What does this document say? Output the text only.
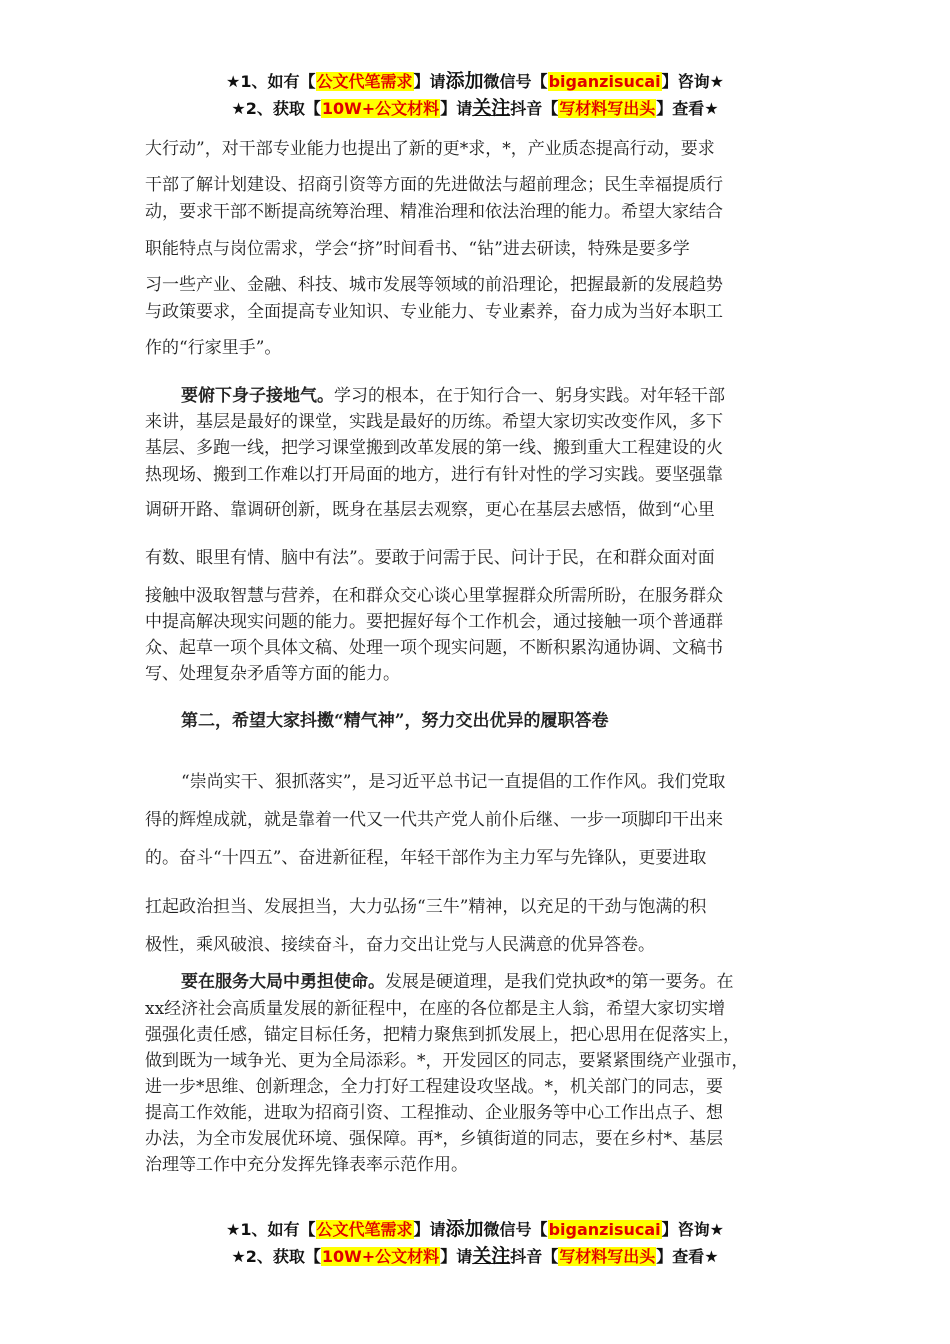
★1、如有【公文代笔需求】请添加微信号【biganzisucai】咨询★
★2、获取【10W+公文材料】请关注抖音【写材料写出头】查看★
大行动”，对干部专业能力也提出了新的更*求，*，产业质态提高行动，要求
干部了解计划建设、招商引资等方面的先进做法与超前理念；民生幸福提质行
动，要求干部不断提高统筹治理、精准治理和依法治理的能力。希望大家结合
职能特点与岗位需求，学会“挤”时间看书、“钻”进去研读，特殊是要多学
习一些产业、金融、科技、城市发展等领域的前沿理论，把握最新的发展趋势
与政策要求，全面提高专业知识、专业能力、专业素养，奋力成为当好本职工
作的“行家里手”。
要俯下身子接地气。学习的根本，在于知行合一、躬身实践。对年轻干部
来讲，基层是最好的课堂，实践是最好的历练。希望大家切实改变作风，多下
基层、多跑一线，把学习课堂搬到改革发展的第一线、搬到重大工程建设的火
热现场、搬到工作难以打开局面的地方，进行有针对性的学习实践。要坚强靠
调研开路、靠调研创新，既身在基层去观察，更心在基层去感悟，做到“心里
有数、眼里有情、脑中有法”。要敢于问需于民、问计于民，在和群众面对面
接触中汲取智慧与营养，在和群众交心谈心里掌握群众所需所盼，在服务群众
中提高解决现实问题的能力。要把握好每个工作机会，通过接触一项个普通群
众、起草一项个具体文稿、处理一项个现实问题，不断积累沟通协调、文稿书
写、处理复杂矛盾等方面的能力。
第二，希望大家抖擞“精气神”，努力交出优异的履职答卷
“崇尚实干、狠抓落实”，是习近平总书记一直提倡的工作作风。我们党取
得的辉煌成就，就是靠着一代又一代共产党人前仆后继、一步一项脚印干出来
的。奋斗“十四五”、奋进新征程，年轻干部作为主力军与先锋队，更要进取
扛起政治担当、发展担当，大力弘扬“三牛”精神，以充足的干劲与饱满的积
极性，乘风破浪、接续奋斗，奋力交出让党与人民满意的优异答卷。
要在服务大局中勇担使命。发展是硬道理，是我们党执政*的第一要务。在
xx经济社会高质量发展的新征程中，在座的各位都是主人翁，希望大家切实增
强强化责任感，锚定目标任务，把精力聚焦到抓发展上，把心思用在促落实上，
做到既为一域争光、更为全局添彩。*，开发园区的同志，要紧紧围绕产业强市，
进一步*思维、创新理念，全力打好工程建设攻坚战。*，机关部门的同志，要
提高工作效能，进取为招商引资、工程推动、企业服务等中心工作出点子、想
办法，为全市发展优环境、强保障。再*，乡镇街道的同志，要在乡村*、基层
治理等工作中充分发挥先锋表率示范作用。
★1、如有【公文代笔需求】请添加微信号【biganzisucai】咨询★
★2、获取【10W+公文材料】请关注抖音【写材料写出头】查看★
